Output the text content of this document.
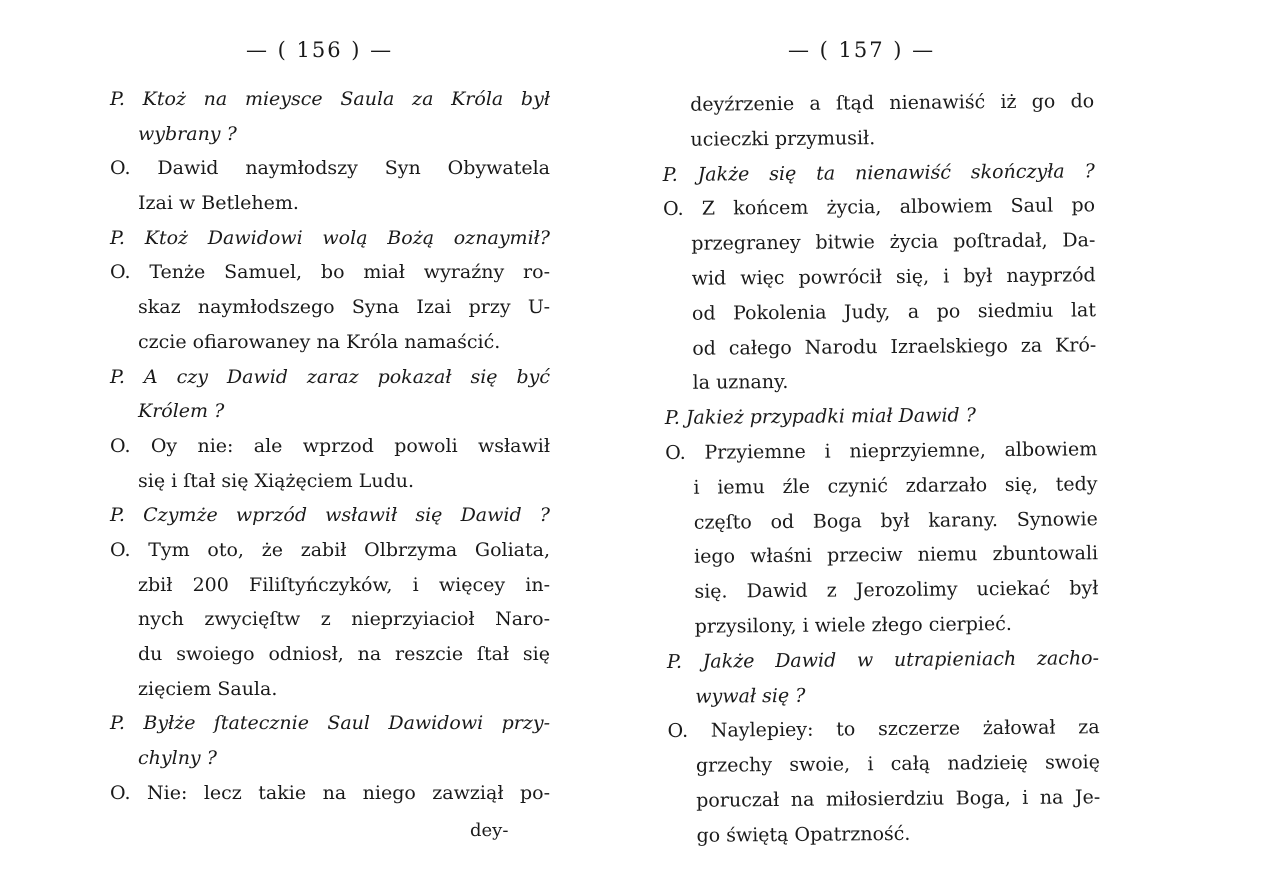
— ( 156 ) —
P. Ktoż na mieysce Saula za Króla był
wybrany ?
O. Dawid naymłodszy Syn Obywatela
Izai w Betlehem.
P. Ktoż Dawidowi wolą Bożą oznaymił?
O. Tenże Samuel, bo miał wyraźny ro-
skaz naymłodszego Syna Izai przy U-
czcie ofiarowaney na Króla namaścić.
P. A czy Dawid zaraz pokazał się być
Królem ?
O. Oy nie: ale wprzod powoli wsławił
się i ſtał się Xiążęciem Ludu.
P. Czymże wprzód wsławił się Dawid ?
O. Tym oto, że zabił Olbrzyma Goliata,
zbił 200 Filiſtyńczyków, i więcey in-
nych zwycięſtw z nieprzyiacioł Naro-
du swoiego odniosł, na reszcie ſtał się
zięciem Saula.
P. Byłże ſtatecznie Saul Dawidowi przy-
chylny ?
O. Nie: lecz takie na niego zawziął po-
dey-
— ( 157 ) —
deyźrzenie a ſtąd nienawiść iż go do
ucieczki przymusił.
P. Jakże się ta nienawiść skończyła ?
O. Z końcem życia, albowiem Saul po
przegraney bitwie życia poſtradał, Da-
wid więc powrócił się, i był nayprzód
od Pokolenia Judy, a po siedmiu lat
od całego Narodu Izraelskiego za Kró-
la uznany.
P. Jakież przypadki miał Dawid ?
O. Przyiemne i nieprzyiemne, albowiem
i iemu źle czynić zdarzało się, tedy
częſto od Boga był karany. Synowie
iego właśni przeciw niemu zbuntowali
się. Dawid z Jerozolimy uciekać był
przysilony, i wiele złego cierpieć.
P. Jakże Dawid w utrapieniach zacho-
wywał się ?
O. Naylepiey: to szczerze żałował za
grzechy swoie, i całą nadzieię swoię
poruczał na miłosierdziu Boga, i na Je-
go świętą Opatrzność.
